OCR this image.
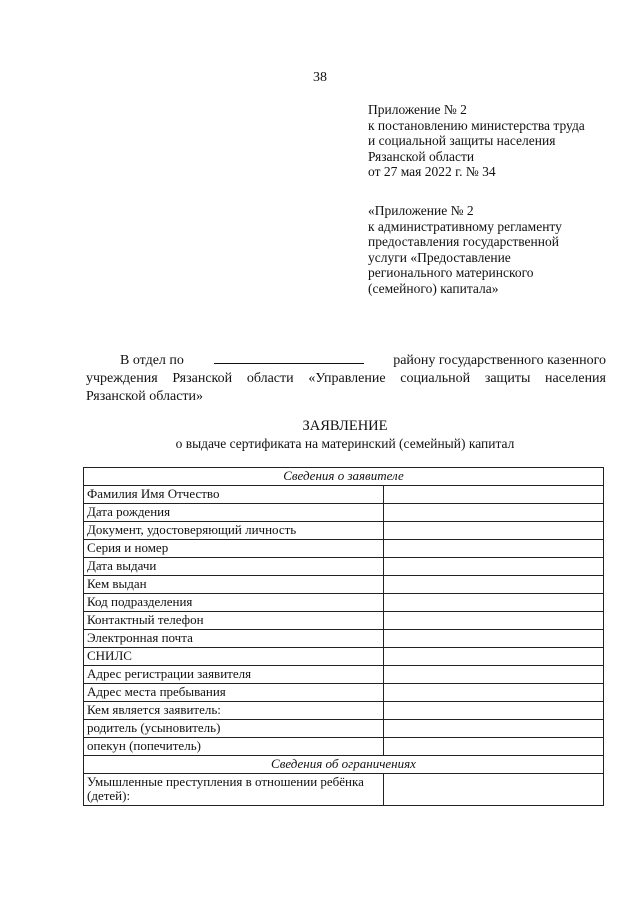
38
Приложение № 2
к постановлению министерства труда
и социальной защиты населения
Рязанской области
от 27 мая 2022 г. № 34
«Приложение № 2
к административному регламенту
предоставления государственной
услуги «Предоставление
регионального материнского
(семейного) капитала»
В отдел по	району государственного казенного
учреждения Рязанской области «Управление социальной защиты населения
Рязанской области»
ЗАЯВЛЕНИЕ
о выдаче сертификата на материнский (семейный) капитал
Сведения о заявителе	
Фамилия Имя Отчество	
Дата рождения	
Документ, удостоверяющий личность	
Серия и номер	
Дата выдачи	
Кем выдан	
Код подразделения	
Контактный телефон	
Электронная почта	
СНИЛС	
Адрес регистрации заявителя	
Адрес места пребывания	
Кем является заявитель:	
родитель (усыновитель)	
опекун (попечитель)	
Сведения об ограничениях	
Умышленные преступления в отношении ребёнка (детей):	
